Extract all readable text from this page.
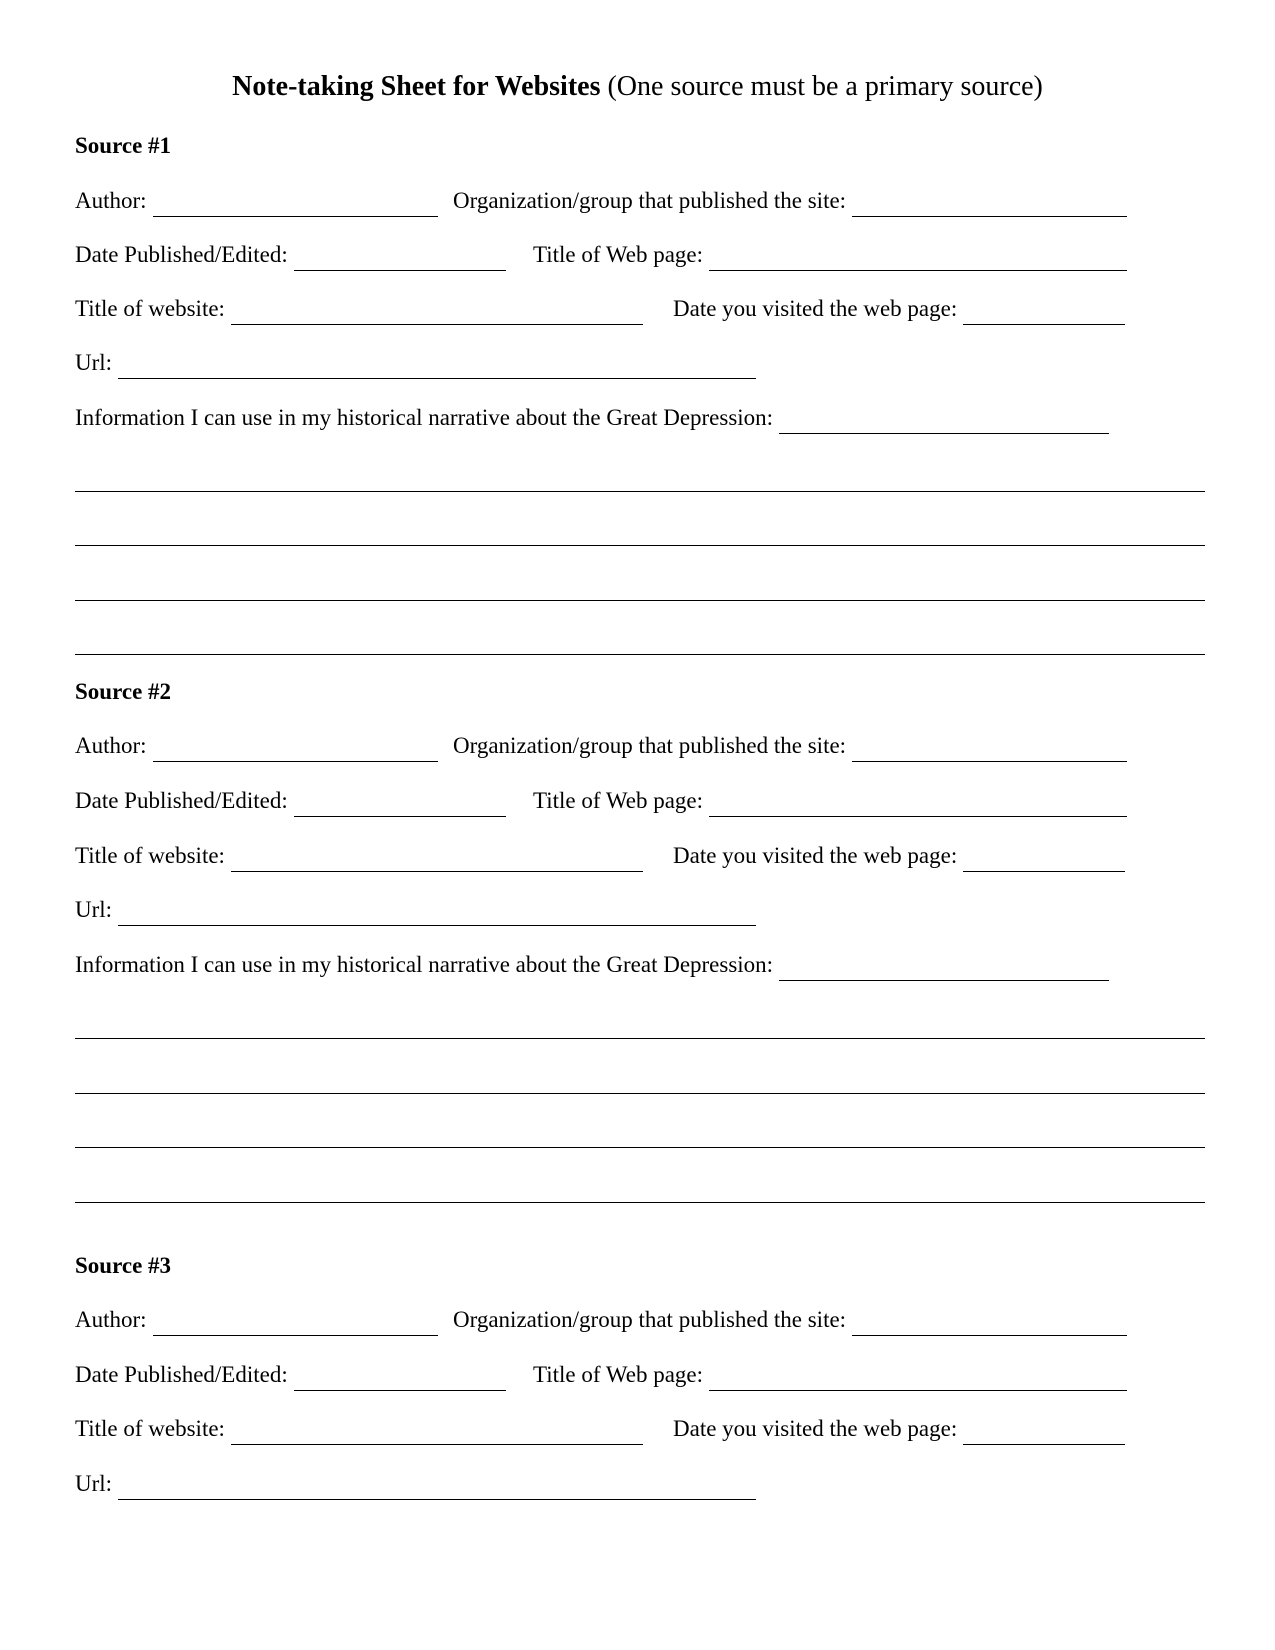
Note-taking Sheet for Websites (One source must be a primary source)
Source #1
Author:	Organization/group that published the site:
Date Published/Edited:	Title of Web page:
Title of website:	Date you visited the web page:
Url:
Information I can use in my historical narrative about the Great Depression:
Source #2
Author:	Organization/group that published the site:
Date Published/Edited:	Title of Web page:
Title of website:	Date you visited the web page:
Url:
Information I can use in my historical narrative about the Great Depression:
Source #3
Author:	Organization/group that published the site:
Date Published/Edited:	Title of Web page:
Title of website:	Date you visited the web page:
Url:
